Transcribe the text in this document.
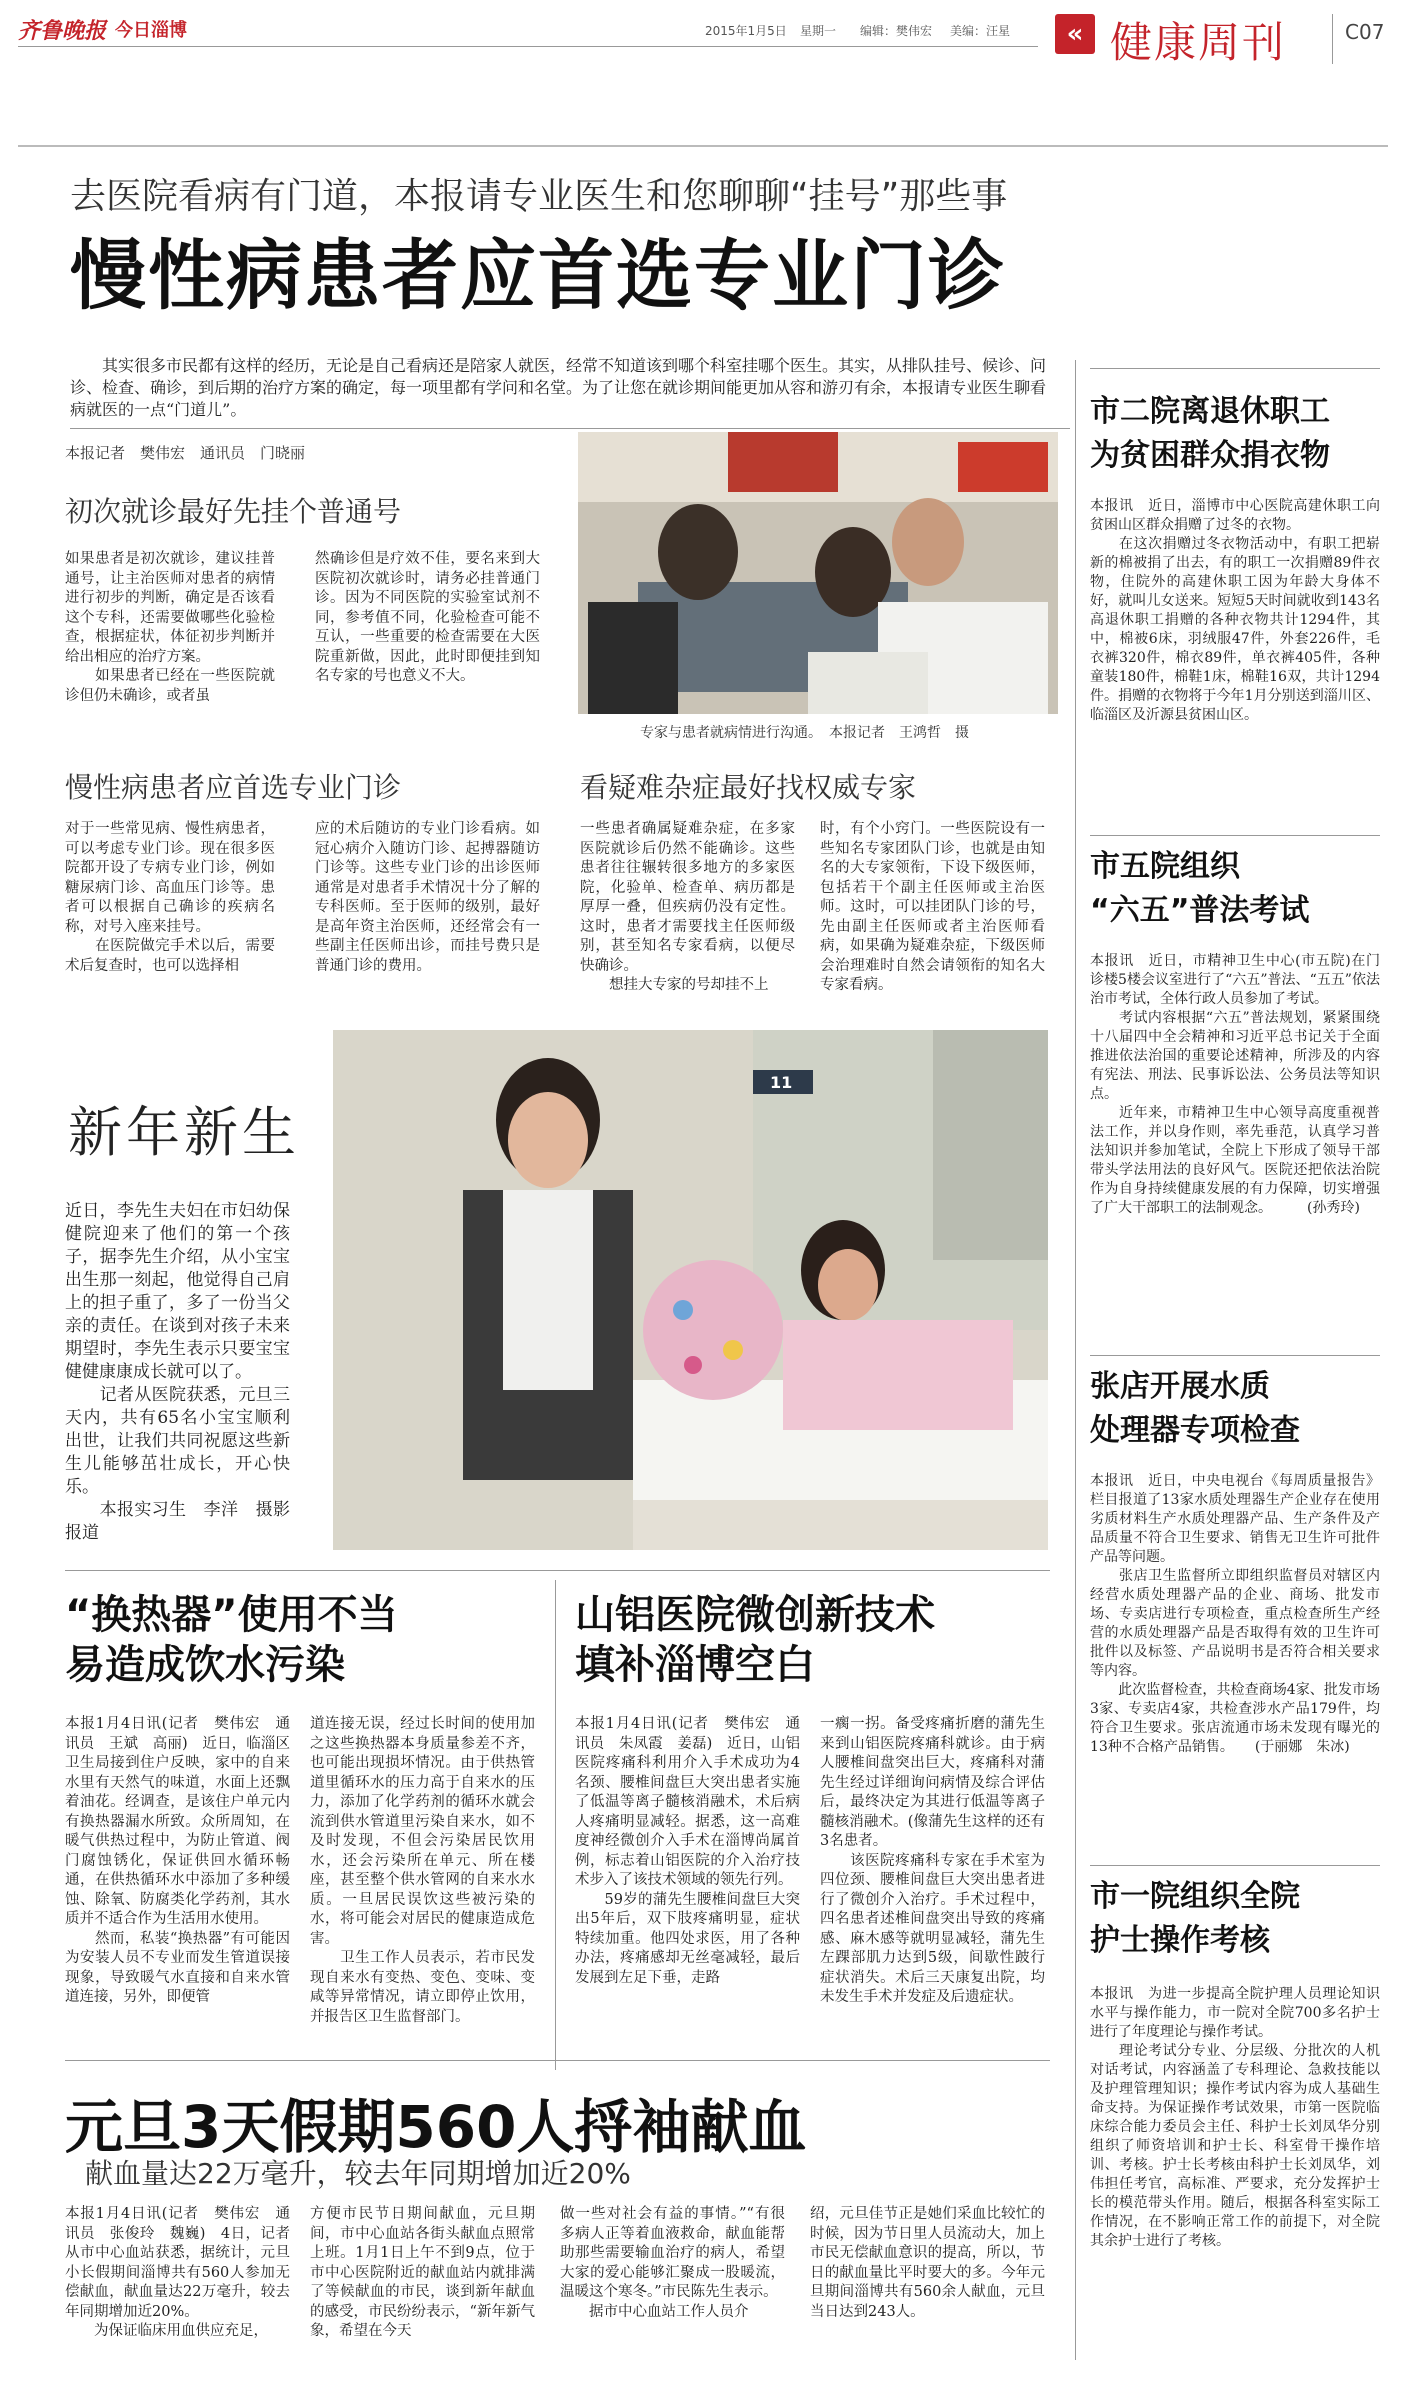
齐鲁晚报 今日淄博	2015年1月5日 星期一 编辑：樊伟宏 美编：汪星	« 健康周刊	C07
去医院看病有门道，本报请专业医生和您聊聊“挂号”那些事
慢性病患者应首选专业门诊
其实很多市民都有这样的经历，无论是自己看病还是陪家人就医，经常不知道该到哪个科室挂哪个医生。其实，从排队挂号、候诊、问诊、检查、确诊，到后期的治疗方案的确定，每一项里都有学问和名堂。为了让您在就诊期间能更加从容和游刃有余，本报请专业医生聊看病就医的一点“门道儿”。
本报记者　樊伟宏　通讯员　门晓丽
初次就诊最好先挂个普通号
如果患者是初次就诊，建议挂普通号，让主治医师对患者的病情进行初步的判断，确定是否该看这个专科，还需要做哪些化验检查，根据症状，体征初步判断并给出相应的治疗方案。
　　如果患者已经在一些医院就诊但仍未确诊，或者虽
然确诊但是疗效不佳，要名来到大医院初次就诊时，请务必挂普通门诊。因为不同医院的实验室试剂不同，参考值不同，化验检查可能不互认，一些重要的检查需要在大医院重新做，因此，此时即便挂到知名专家的号也意义不大。
专家与患者就病情进行沟通。　本报记者　王鸿哲　摄
慢性病患者应首选专业门诊
对于一些常见病、慢性病患者，可以考虑专业门诊。现在很多医院都开设了专病专业门诊，例如糖尿病门诊、高血压门诊等。患者可以根据自己确诊的疾病名称，对号入座来挂号。
　　在医院做完手术以后，需要术后复查时，也可以选择相
应的术后随访的专业门诊看病。如冠心病介入随访门诊、起搏器随访门诊等。这些专业门诊的出诊医师通常是对患者手术情况十分了解的专科医师。至于医师的级别，最好是高年资主治医师，还经常会有一些副主任医师出诊，而挂号费只是普通门诊的费用。
看疑难杂症最好找权威专家
一些患者确属疑难杂症，在多家医院就诊后仍然不能确诊。这些患者往往辗转很多地方的多家医院，化验单、检查单、病历都是厚厚一叠，但疾病仍没有定性。这时，患者才需要找主任医师级别，甚至知名专家看病，以便尽快确诊。
　　想挂大专家的号却挂不上
时，有个小窍门。一些医院设有一些知名专家团队门诊，也就是由知名的大专家领衔，下设下级医师，包括若干个副主任医师或主治医师。这时，可以挂团队门诊的号，先由副主任医师或者主治医师看病，如果确为疑难杂症，下级医师会治理难时自然会请领衔的知名大专家看病。
11
新年新生
近日，李先生夫妇在市妇幼保健院迎来了他们的第一个孩子，据李先生介绍，从小宝宝出生那一刻起，他觉得自己肩上的担子重了，多了一份当父亲的责任。在谈到对孩子未来期望时，李先生表示只要宝宝健健康康成长就可以了。
　　记者从医院获悉，元旦三天内，共有65名小宝宝顺利出世，让我们共同祝愿这些新生儿能够茁壮成长，开心快乐。
　　本报实习生　李洋　摄影报道
“换热器”使用不当
易造成饮水污染
本报1月4日讯(记者　樊伟宏　通讯员　王斌　高丽)　近日，临淄区卫生局接到住户反映，家中的自来水里有天然气的味道，水面上还飘着油花。经调查，是该住户单元内有换热器漏水所致。众所周知，在暖气供热过程中，为防止管道、阀门腐蚀锈化，保证供回水循环畅通，在供热循环水中添加了多种缓蚀、除氧、防腐类化学药剂，其水质并不适合作为生活用水使用。
　　然而，私装“换热器”有可能因为安装人员不专业而发生管道误接现象，导致暖气水直接和自来水管道连接，另外，即便管
道连接无误，经过长时间的使用加之这些换热器本身质量参差不齐，也可能出现损坏情况。由于供热管道里循环水的压力高于自来水的压力，添加了化学药剂的循环水就会流到供水管道里污染自来水，如不及时发现，不但会污染居民饮用水，还会污染所在单元、所在楼座，甚至整个供水管网的自来水水质。一旦居民误饮这些被污染的水，将可能会对居民的健康造成危害。
　　卫生工作人员表示，若市民发现自来水有变热、变色、变味、变咸等异常情况，请立即停止饮用，并报告区卫生监督部门。
山铝医院微创新技术
填补淄博空白
本报1月4日讯(记者　樊伟宏　通讯员　朱凤霞　姜磊)　近日，山铝医院疼痛科利用介入手术成功为4名颈、腰椎间盘巨大突出患者实施了低温等离子髓核消融术，术后病人疼痛明显减轻。据悉，这一高难度神经微创介入手术在淄博尚属首例，标志着山铝医院的介入治疗技术步入了该技术领域的领先行列。
　　59岁的蒲先生腰椎间盘巨大突出5年后，双下肢疼痛明显，症状特续加重。他四处求医，用了各种办法，疼痛感却无丝毫减轻，最后发展到左足下垂，走路
一瘸一拐。备受疼痛折磨的蒲先生来到山铝医院疼痛科就诊。由于病人腰椎间盘突出巨大，疼痛科对蒲先生经过详细询问病情及综合评估后，最终决定为其进行低温等离子髓核消融术。(像蒲先生这样的还有3名患者。
　　该医院疼痛科专家在手术室为四位颈、腰椎间盘巨大突出患者进行了微创介入治疗。手术过程中，四名患者述椎间盘突出导致的疼痛感、麻木感等就明显减轻，蒲先生左踝部肌力达到5级，间歇性跛行症状消失。术后三天康复出院，均未发生手术并发症及后遗症状。
元旦3天假期560人捋袖献血
献血量达22万毫升，较去年同期增加近20%
本报1月4日讯(记者　樊伟宏　通讯员　张俊玲　魏巍)　4日，记者从市中心血站获悉，据统计，元旦小长假期间淄博共有560人参加无偿献血，献血量达22万毫升，较去年同期增加近20%。
　　为保证临床用血供应充足，
方便市民节日期间献血，元旦期间，市中心血站各街头献血点照常上班。1月1日上午不到9点，位于市中心医院附近的献血站内就排满了等候献血的市民，谈到新年献血的感受，市民纷纷表示，“新年新气象，希望在今天
做一些对社会有益的事情。”“有很多病人正等着血液救命，献血能帮助那些需要输血治疗的病人，希望大家的爱心能够汇聚成一股暖流，温暖这个寒冬。”市民陈先生表示。
　　据市中心血站工作人员介
绍，元旦佳节正是她们采血比较忙的时候，因为节日里人员流动大，加上市民无偿献血意识的提高，所以，节日的献血量比平时要大的多。今年元旦期间淄博共有560余人献血，元旦当日达到243人。
市二院离退休职工
为贫困群众捐衣物
本报讯　近日，淄博市中心医院高建休职工向贫困山区群众捐赠了过冬的衣物。
　　在这次捐赠过冬衣物活动中，有职工把崭新的棉被捐了出去，有的职工一次捐赠89件衣物，住院外的高建休职工因为年龄大身体不好，就叫儿女送来。短短5天时间就收到143名高退休职工捐赠的各种衣物共计1294件，其中，棉被6床，羽绒服47件，外套226件，毛衣裤320件，棉衣89件，单衣裤405件，各种童装180件，棉鞋1床，棉鞋16双，共计1294件。捐赠的衣物将于今年1月分别送到淄川区、临淄区及沂源县贫困山区。
市五院组织
“六五”普法考试
本报讯　近日，市精神卫生中心(市五院)在门诊楼5楼会议室进行了“六五”普法、“五五”依法治市考试，全体行政人员参加了考试。
　　考试内容根据“六五”普法规划，紧紧围绕十八届四中全会精神和习近平总书记关于全面推进依法治国的重要论述精神，所涉及的内容有宪法、刑法、民事诉讼法、公务员法等知识点。
　　近年来，市精神卫生中心领导高度重视普法工作，并以身作则，率先垂范，认真学习普法知识并参加笔试，全院上下形成了领导干部带头学法用法的良好风气。医院还把依法治院作为自身持续健康发展的有力保障，切实增强了广大干部职工的法制观念。　　　(孙秀玲)
张店开展水质
处理器专项检查
本报讯　近日，中央电视台《每周质量报告》栏目报道了13家水质处理器生产企业存在使用劣质材料生产水质处理器产品、生产条件及产品质量不符合卫生要求、销售无卫生许可批件产品等问题。
　　张店卫生监督所立即组织监督员对辖区内经营水质处理器产品的企业、商场、批发市场、专卖店进行专项检查，重点检查所生产经营的水质处理器产品是否取得有效的卫生许可批件以及标签、产品说明书是否符合相关要求等内容。
　　此次监督检查，共检查商场4家、批发市场3家、专卖店4家，共检查涉水产品179件，均符合卫生要求。张店流通市场未发现有曝光的13种不合格产品销售。　　(于丽娜　朱冰)
市一院组织全院
护士操作考核
本报讯　为进一步提高全院护理人员理论知识水平与操作能力，市一院对全院700多名护士进行了年度理论与操作考试。
　　理论考试分专业、分层级、分批次的人机对话考试，内容涵盖了专科理论、急救技能以及护理管理知识；操作考试内容为成人基础生命支持。为保证操作考试效果，市第一医院临床综合能力委员会主任、科护士长刘凤华分别组织了师资培训和护士长、科室骨干操作培训、考核。护士长考核由科护士长刘凤华，刘伟担任考官，高标准、严要求，充分发挥护士长的模范带头作用。随后，根据各科室实际工作情况，在不影响正常工作的前提下，对全院其余护士进行了考核。
